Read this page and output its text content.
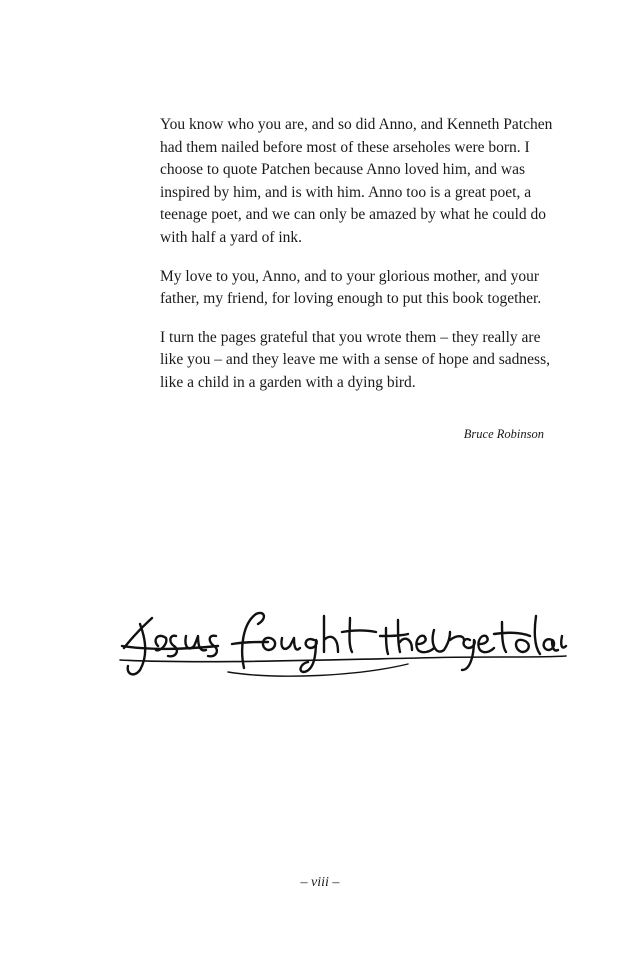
You know who you are, and so did Anno, and Kenneth Patchen had them nailed before most of these arseholes were born. I choose to quote Patchen because Anno loved him, and was inspired by him, and is with him. Anno too is a great poet, a teenage poet, and we can only be amazed by what he could do with half a yard of ink.

My love to you, Anno, and to your glorious mother, and your father, my friend, for loving enough to put this book together.

I turn the pages grateful that you wrote them – they really are like you – and they leave me with a sense of hope and sadness, like a child in a garden with a dying bird.

Bruce Robinson
– viii –
